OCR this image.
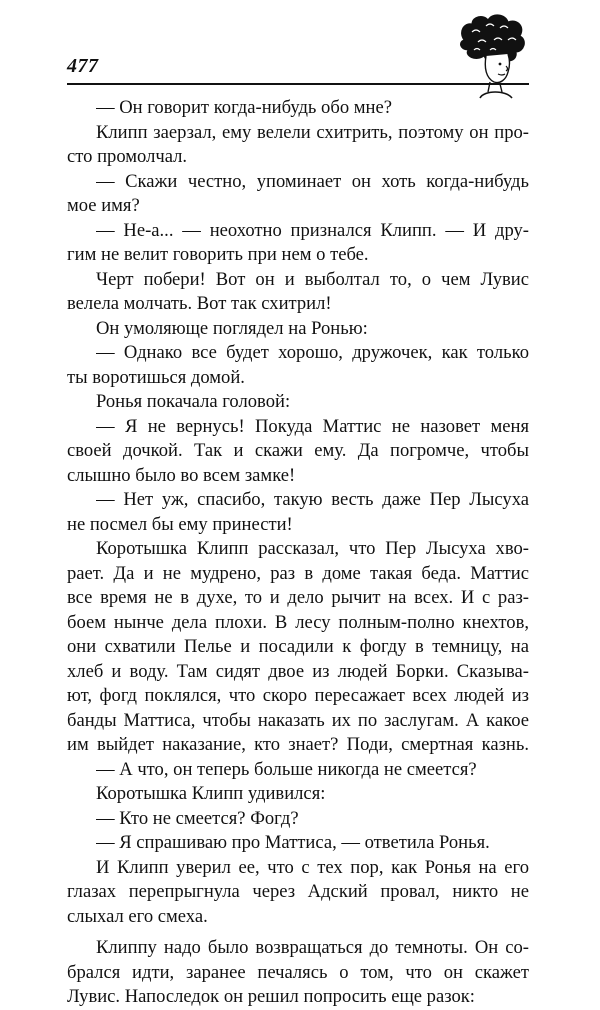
477
— Он говорит когда-нибудь обо мне?
Клипп заерзал, ему велели схитрить, поэтому он про-
сто промолчал.
— Скажи честно, упоминает он хоть когда-нибудь
мое имя?
— Не-а... — неохотно признался Клипп. — И дру-
гим не велит говорить при нем о тебе.
Черт побери! Вот он и выболтал то, о чем Лувис
велела молчать. Вот так схитрил!
Он умоляюще поглядел на Ронью:
— Однако все будет хорошо, дружочек, как только
ты воротишься домой.
Ронья покачала головой:
— Я не вернусь! Покуда Маттис не назовет меня
своей дочкой. Так и скажи ему. Да погромче, чтобы
слышно было во всем замке!
— Нет уж, спасибо, такую весть даже Пер Лысуха
не посмел бы ему принести!
Коротышка Клипп рассказал, что Пер Лысуха хво-
рает. Да и не мудрено, раз в доме такая беда. Маттис
все время не в духе, то и дело рычит на всех. И с раз-
боем нынче дела плохи. В лесу полным-полно кнехтов,
они схватили Пелье и посадили к фогду в темницу, на
хлеб и воду. Там сидят двое из людей Борки. Сказыва-
ют, фогд поклялся, что скоро пересажает всех людей из
банды Маттиса, чтобы наказать их по заслугам. А какое
им выйдет наказание, кто знает? Поди, смертная казнь.
— А что, он теперь больше никогда не смеется?
Коротышка Клипп удивился:
— Кто не смеется? Фогд?
— Я спрашиваю про Маттиса, — ответила Ронья.
И Клипп уверил ее, что с тех пор, как Ронья на его
глазах перепрыгнула через Адский провал, никто не
слыхал его смеха.
Клиппу надо было возвращаться до темноты. Он со-
брался идти, заранее печалясь о том, что он скажет
Лувис. Напоследок он решил попросить еще разок:
